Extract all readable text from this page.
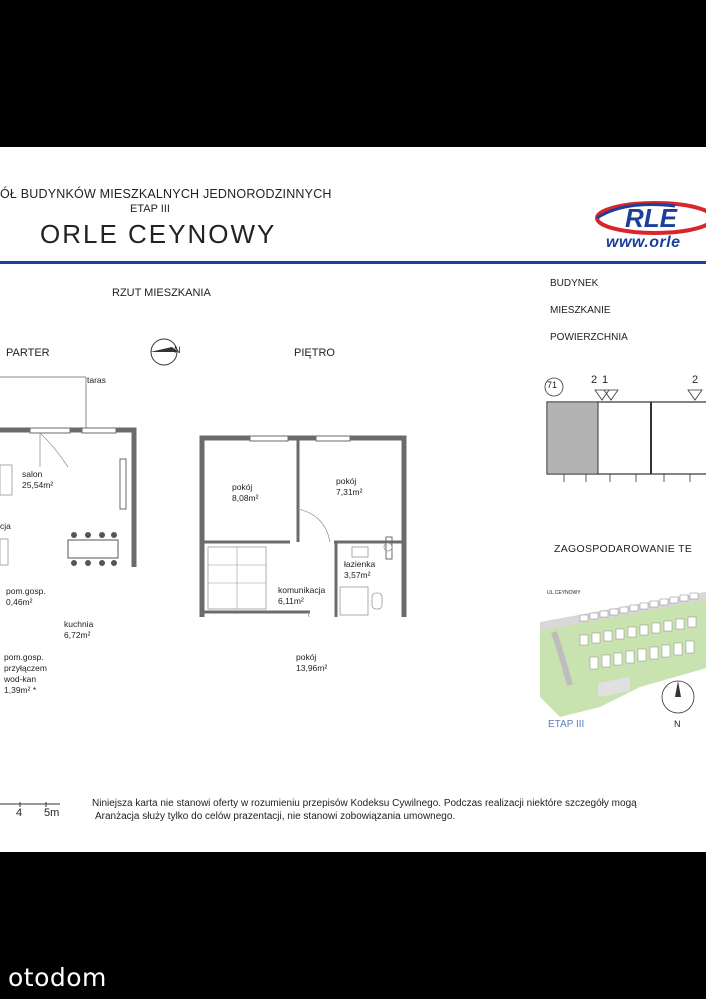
ÓŁ BUDYNKÓW MIESZKALNYCH JEDNORODZINNYCH
ETAP III
ORLE CEYNOWY
RLE
www.orle
RZUT MIESZKANIA
PARTER	PIĘTRO
N
taras
salon
25,54m²
cja
pom.gosp.
0,46m²
kuchnia
6,72m²
pom.gosp.
przyłączem
wod-kan
1,39m² *
pokój
8,08m²
pokój
7,31m²
łazienka
3,57m²
komunikacja
6,11m²
pokój
13,96m²
BUDYNEK
MIESZKANIE
POWIERZCHNIA
71	2 1	2
ZAGOSPODAROWANIE TE
UL.CEYNOWY
ETAP III	N
4 5m
Niniejsza karta nie stanowi oferty w rozumieniu przepisów Kodeksu Cywilnego. Podczas realizacji niektóre szczegóły mogą
Aranżacja służy tylko do celów prazentacji, nie stanowi zobowiązania umownego.
otodom
